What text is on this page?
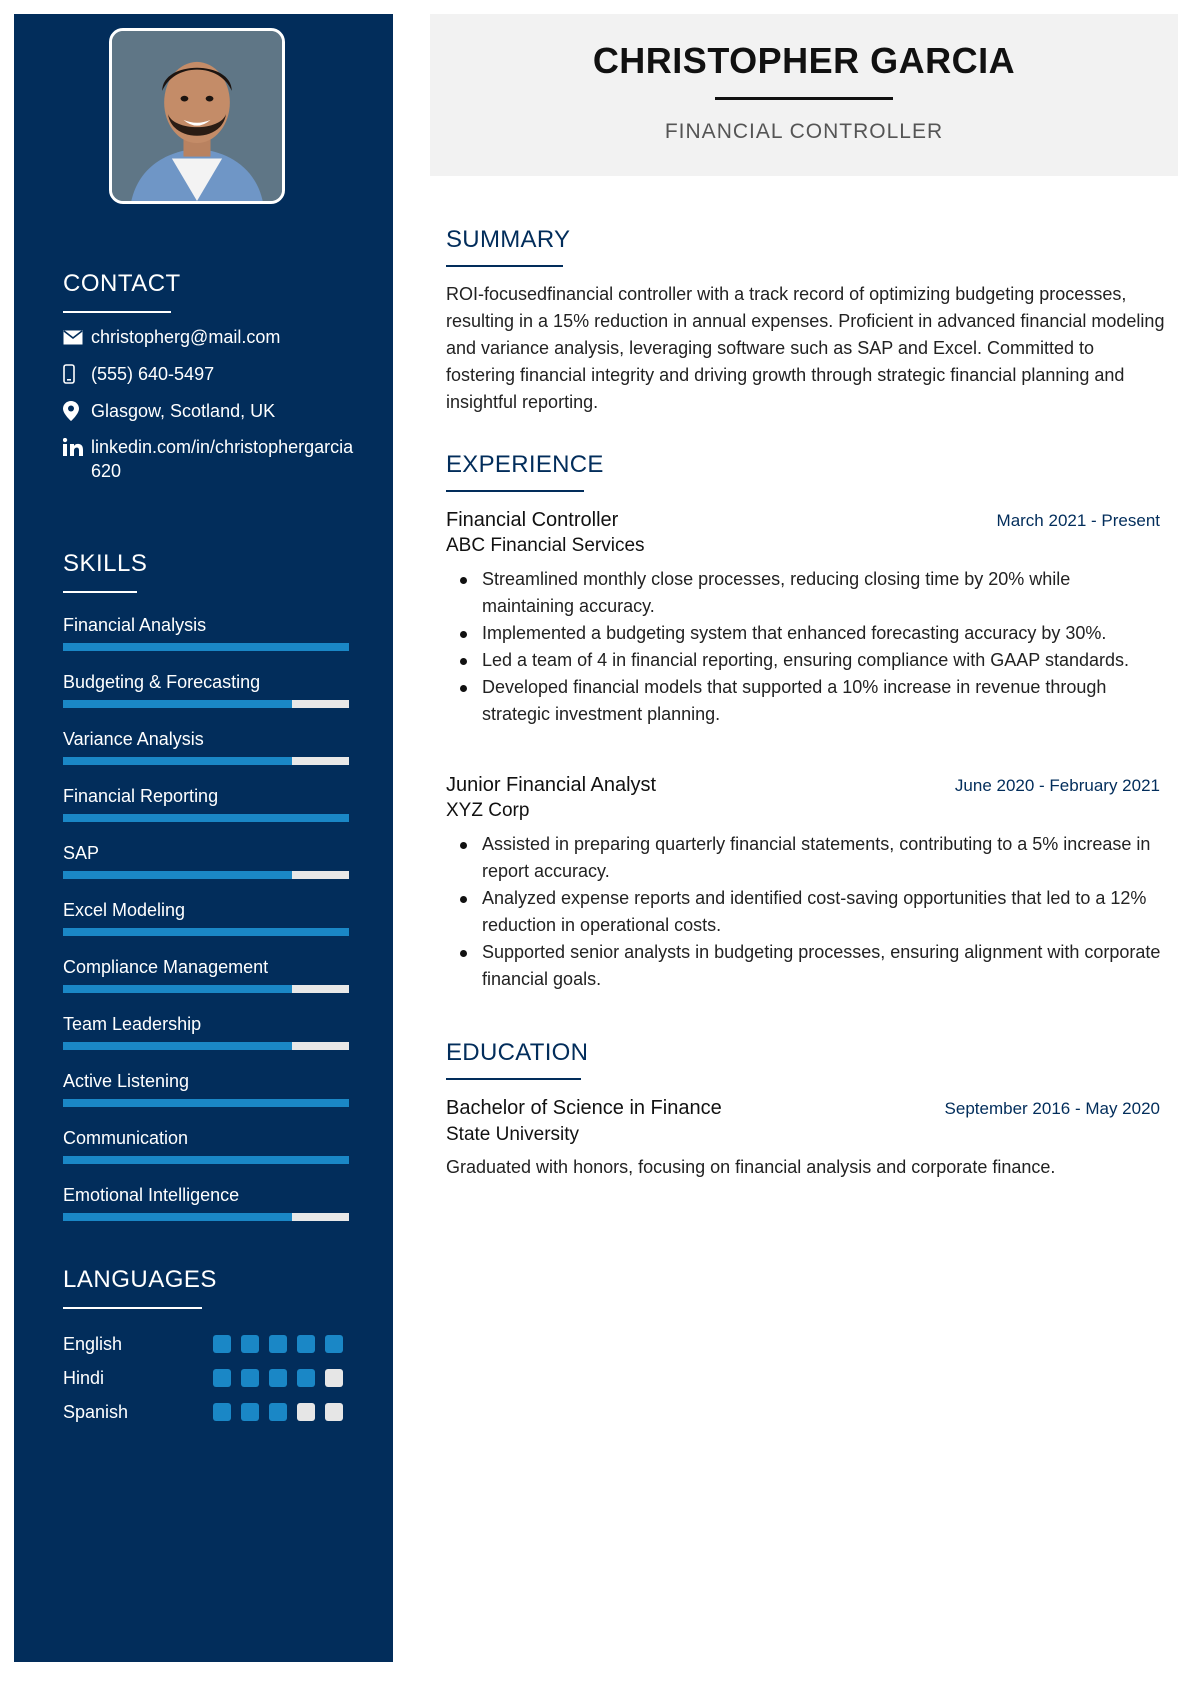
CONTACT
christopherg@mail.com
(555) 640-5497
Glasgow, Scotland, UK
linkedin.com/in/christophergarcia620
SKILLS
Financial Analysis
Budgeting & Forecasting
Variance Analysis
Financial Reporting
SAP
Excel Modeling
Compliance Management
Team Leadership
Active Listening
Communication
Emotional Intelligence
LANGUAGES
English
Hindi
Spanish
CHRISTOPHER GARCIA
FINANCIAL CONTROLLER
SUMMARY

ROI-focusedfinancial controller with a track record of optimizing budgeting processes, resulting in a 15% reduction in annual expenses. Proficient in advanced financial modeling and variance analysis, leveraging software such as SAP and Excel. Committed to fostering financial integrity and driving growth through strategic financial planning and insightful reporting.

EXPERIENCE
Financial Controller	March 2021 - Present
ABC Financial Services
Streamlined monthly close processes, reducing closing time by 20% while maintaining accuracy.
Implemented a budgeting system that enhanced forecasting accuracy by 30%.
Led a team of 4 in financial reporting, ensuring compliance with GAAP standards.
Developed financial models that supported a 10% increase in revenue through strategic investment planning.
Junior Financial Analyst	June 2020 - February 2021
XYZ Corp
Assisted in preparing quarterly financial statements, contributing to a 5% increase in report accuracy.
Analyzed expense reports and identified cost-saving opportunities that led to a 12% reduction in operational costs.
Supported senior analysts in budgeting processes, ensuring alignment with corporate financial goals.
EDUCATION
Bachelor of Science in Finance	September 2016 - May 2020
State University

Graduated with honors, focusing on financial analysis and corporate finance.
